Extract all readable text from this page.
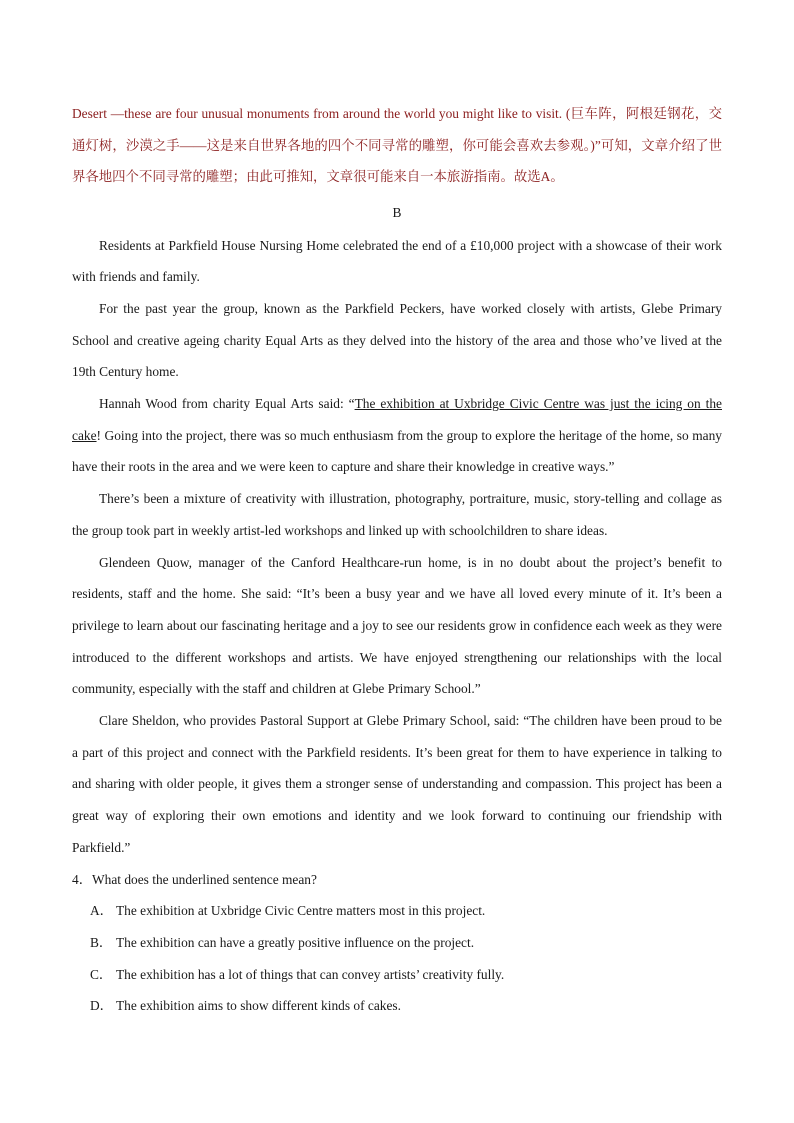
Desert —these are four unusual monuments from around the world you might like to visit. (巨车阵，阿根廷钢花，交通灯树，沙漠之手——这是来自世界各地的四个不同寻常的雕塑，你可能会喜欢去参观。)”可知，文章介绍了世界各地四个不同寻常的雕塑；由此可推知，文章很可能来自一本旅游指南。故选A。

B

Residents at Parkfield House Nursing Home celebrated the end of a £10,000 project with a showcase of their work with friends and family.

For the past year the group, known as the Parkfield Peckers, have worked closely with artists, Glebe Primary School and creative ageing charity Equal Arts as they delved into the history of the area and those who’ve lived at the 19th Century home.

Hannah Wood from charity Equal Arts said: “The exhibition at Uxbridge Civic Centre was just the icing on the cake! Going into the project, there was so much enthusiasm from the group to explore the heritage of the home, so many have their roots in the area and we were keen to capture and share their knowledge in creative ways.”

There’s been a mixture of creativity with illustration, photography, portraiture, music, story-telling and collage as the group took part in weekly artist-led workshops and linked up with schoolchildren to share ideas.

Glendeen Quow, manager of the Canford Healthcare-run home, is in no doubt about the project’s benefit to residents, staff and the home. She said: “It’s been a busy year and we have all loved every minute of it. It’s been a privilege to learn about our fascinating heritage and a joy to see our residents grow in confidence each week as they were introduced to the different workshops and artists. We have enjoyed strengthening our relationships with the local community, especially with the staff and children at Glebe Primary School.”

Clare Sheldon, who provides Pastoral Support at Glebe Primary School, said: “The children have been proud to be a part of this project and connect with the Parkfield residents. It’s been great for them to have experience in talking to and sharing with older people, it gives them a stronger sense of understanding and compassion. This project has been a great way of exploring their own emotions and identity and we look forward to continuing our friendship with Parkfield.”

4．What does the underlined sentence mean?

A． The exhibition at Uxbridge Civic Centre matters most in this project.

B． The exhibition can have a greatly positive influence on the project.

C． The exhibition has a lot of things that can convey artists’ creativity fully.

D． The exhibition aims to show different kinds of cakes.
